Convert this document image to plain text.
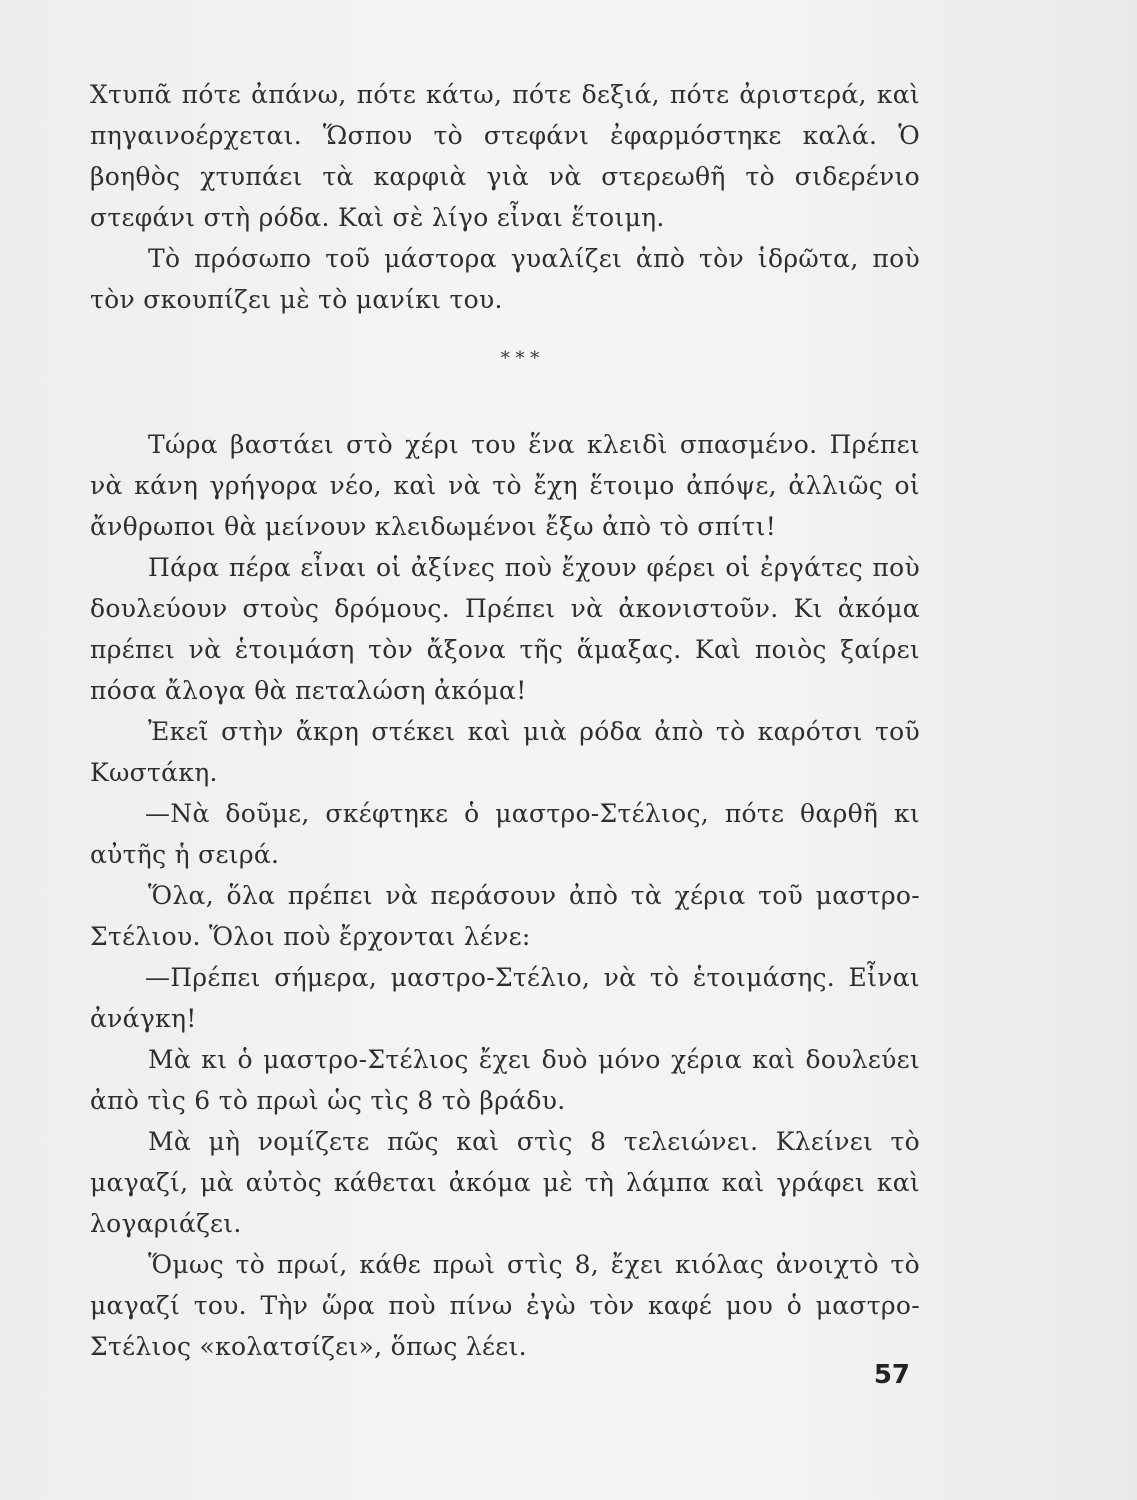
Χτυπᾶ πότε ἀπάνω, πότε κάτω, πότε δεξιά, πότε ἀριστερά, καὶ πηγαινοέρχεται. Ὥσπου τὸ στεφάνι ἐφαρμόστηκε καλά. Ὁ βοηθὸς χτυπάει τὰ καρφιὰ γιὰ νὰ στερεωθῆ τὸ σιδερένιο στεφάνι στὴ ρόδα. Καὶ σὲ λίγο εἶναι ἕτοιμη.

Τὸ πρόσωπο τοῦ μάστορα γυαλίζει ἀπὸ τὸν ἱδρῶτα, ποὺ τὸν σκουπίζει μὲ τὸ μανίκι του.

* * *

Τώρα βαστάει στὸ χέρι του ἕνα κλειδὶ σπασμένο. Πρέπει νὰ κάνη γρήγορα νέο, καὶ νὰ τὸ ἔχη ἕτοιμο ἀπόψε, ἀλλιῶς οἱ ἄνθρωποι θὰ μείνουν κλειδωμένοι ἔξω ἀπὸ τὸ σπίτι!

Πάρα πέρα εἶναι οἱ ἀξίνες ποὺ ἔχουν φέρει οἱ ἐργάτες ποὺ δουλεύουν στοὺς δρόμους. Πρέπει νὰ ἀκονιστοῦν. Κι ἀκόμα πρέπει νὰ ἑτοιμάση τὸν ἄξονα τῆς ἅμαξας. Καὶ ποιὸς ξαίρει πόσα ἄλογα θὰ πεταλώση ἀκόμα!

Ἐκεῖ στὴν ἄκρη στέκει καὶ μιὰ ρόδα ἀπὸ τὸ καρότσι τοῦ Κωστάκη.

—Νὰ δοῦμε, σκέφτηκε ὁ μαστρο-Στέλιος, πότε θαρθῆ κι αὐτῆς ἡ σειρά.

Ὅλα, ὅλα πρέπει νὰ περάσουν ἀπὸ τὰ χέρια τοῦ μαστρο-Στέλιου. Ὅλοι ποὺ ἔρχονται λένε:

—Πρέπει σήμερα, μαστρο-Στέλιο, νὰ τὸ ἑτοιμάσης. Εἶναι ἀνάγκη!

Μὰ κι ὁ μαστρο-Στέλιος ἔχει δυὸ μόνο χέρια καὶ δουλεύει ἀπὸ τὶς 6 τὸ πρωὶ ὡς τὶς 8 τὸ βράδυ.

Μὰ μὴ νομίζετε πῶς καὶ στὶς 8 τελειώνει. Κλείνει τὸ μαγαζί, μὰ αὐτὸς κάθεται ἀκόμα μὲ τὴ λάμπα καὶ γράφει καὶ λογαριάζει.

Ὅμως τὸ πρωί, κάθε πρωὶ στὶς 8, ἔχει κιόλας ἀνοιχτὸ τὸ μαγαζί του. Τὴν ὥρα ποὺ πίνω ἐγὼ τὸν καφέ μου ὁ μαστρο-Στέλιος «κολατσίζει», ὅπως λέει.

57
